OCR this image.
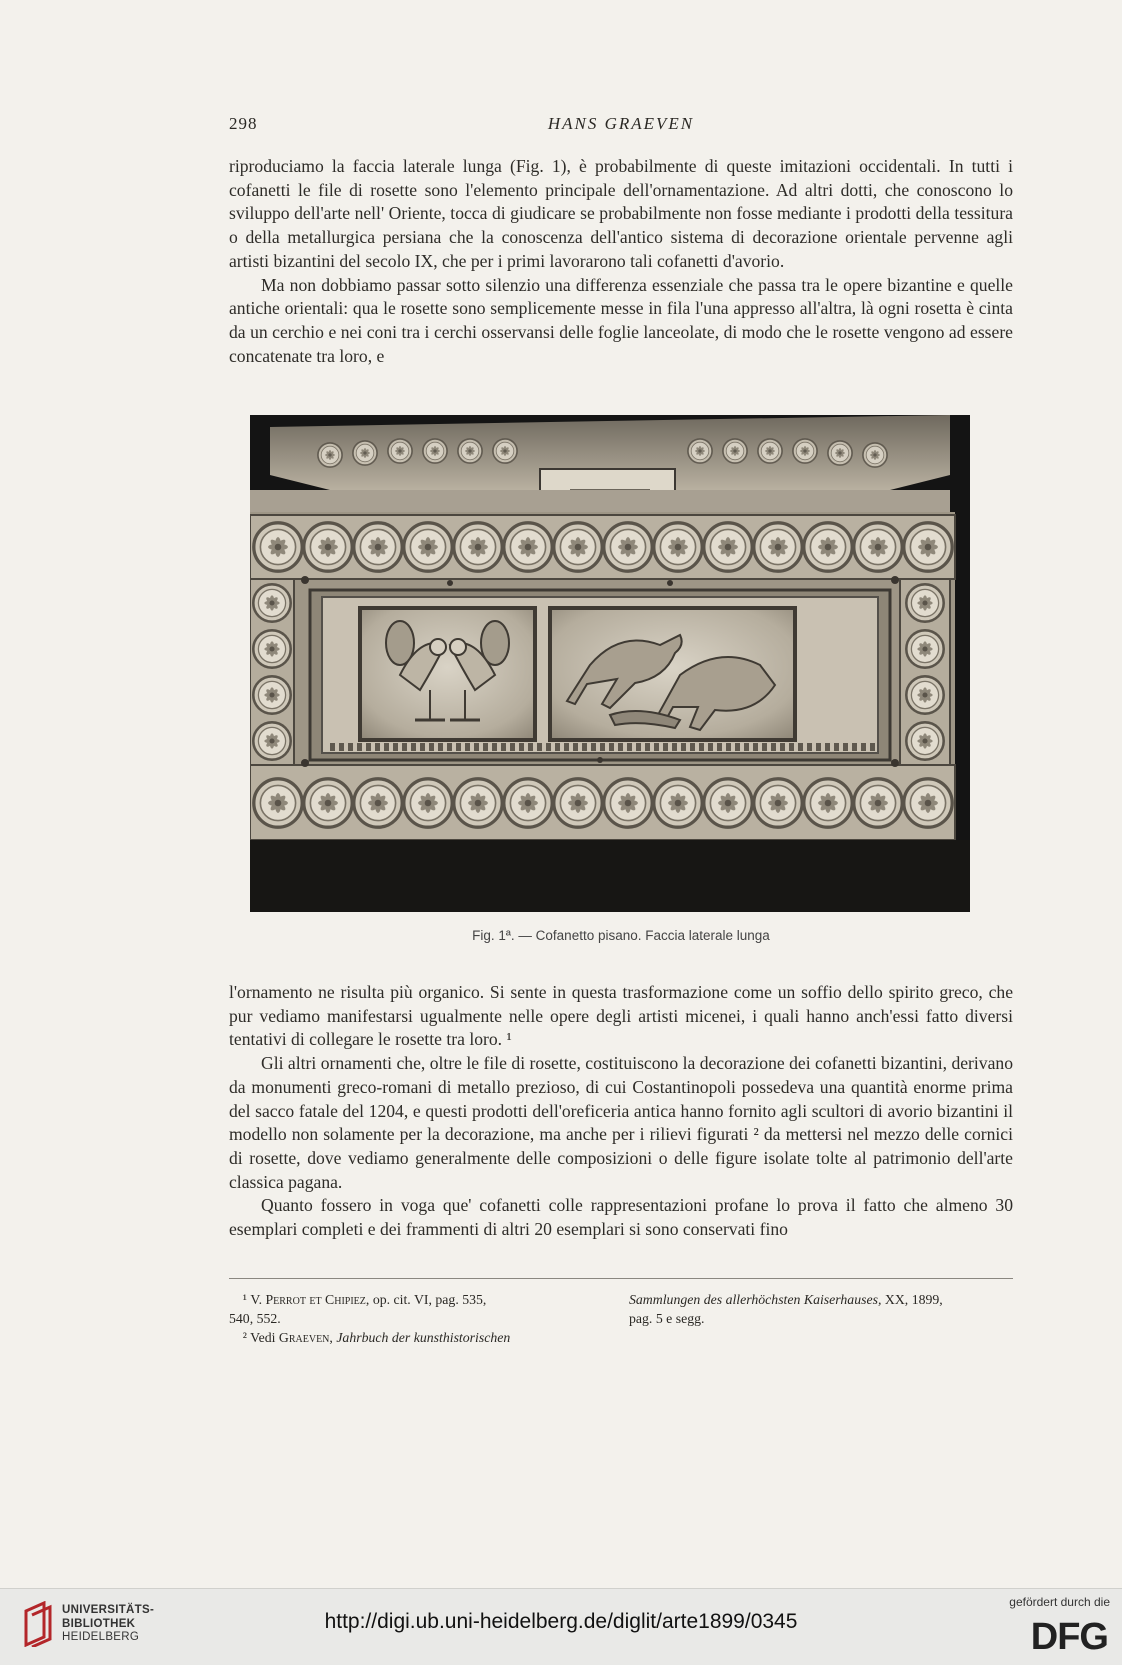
298	HANS GRAEVEN

riproduciamo la faccia laterale lunga (Fig. 1), è probabilmente di queste imitazioni occidentali. In tutti i cofanetti le file di rosette sono l'elemento principale dell'ornamentazione. Ad altri dotti, che conoscono lo sviluppo dell'arte nell' Oriente, tocca di giudicare se probabilmente non fosse mediante i prodotti della tessitura o della metallurgica persiana che la conoscenza dell'antico sistema di decorazione orientale pervenne agli artisti bizantini del secolo IX, che per i primi lavorarono tali cofanetti d'avorio.

Ma non dobbiamo passar sotto silenzio una differenza essenziale che passa tra le opere bizantine e quelle antiche orientali: qua le rosette sono semplicemente messe in fila l'una appresso all'altra, là ogni rosetta è cinta da un cerchio e nei coni tra i cerchi osservansi delle foglie lanceolate, di modo che le rosette vengono ad essere concatenate tra loro, e

Fig. 1ª. — Cofanetto pisano. Faccia laterale lunga

l'ornamento ne risulta più organico. Si sente in questa trasformazione come un soffio dello spirito greco, che pur vediamo manifestarsi ugualmente nelle opere degli artisti micenei, i quali hanno anch'essi fatto diversi tentativi di collegare le rosette tra loro. ¹

Gli altri ornamenti che, oltre le file di rosette, costituiscono la decorazione dei cofanetti bizantini, derivano da monumenti greco-romani di metallo prezioso, di cui Costantinopoli possedeva una quantità enorme prima del sacco fatale del 1204, e questi prodotti dell'oreficeria antica hanno fornito agli scultori di avorio bizantini il modello non solamente per la decorazione, ma anche per i rilievi figurati ² da mettersi nel mezzo delle cornici di rosette, dove vediamo generalmente delle composizioni o delle figure isolate tolte al patrimonio dell'arte classica pagana.

Quanto fossero in voga que' cofanetti colle rappresentazioni profane lo prova il fatto che almeno 30 esemplari completi e dei frammenti di altri 20 esemplari si sono conservati fino

¹ V. Perrot et Chipiez, op. cit. VI, pag. 535,
540, 552.
² Vedi Graeven, Jahrbuch der kunsthistorischen
Sammlungen des allerhöchsten Kaiserhauses, XX, 1899,
pag. 5 e segg.
UNIVERSITÄTS-
BIBLIOTHEK
HEIDELBERG
http://digi.ub.uni-heidelberg.de/diglit/arte1899/0345
gefördert durch die
DFG
